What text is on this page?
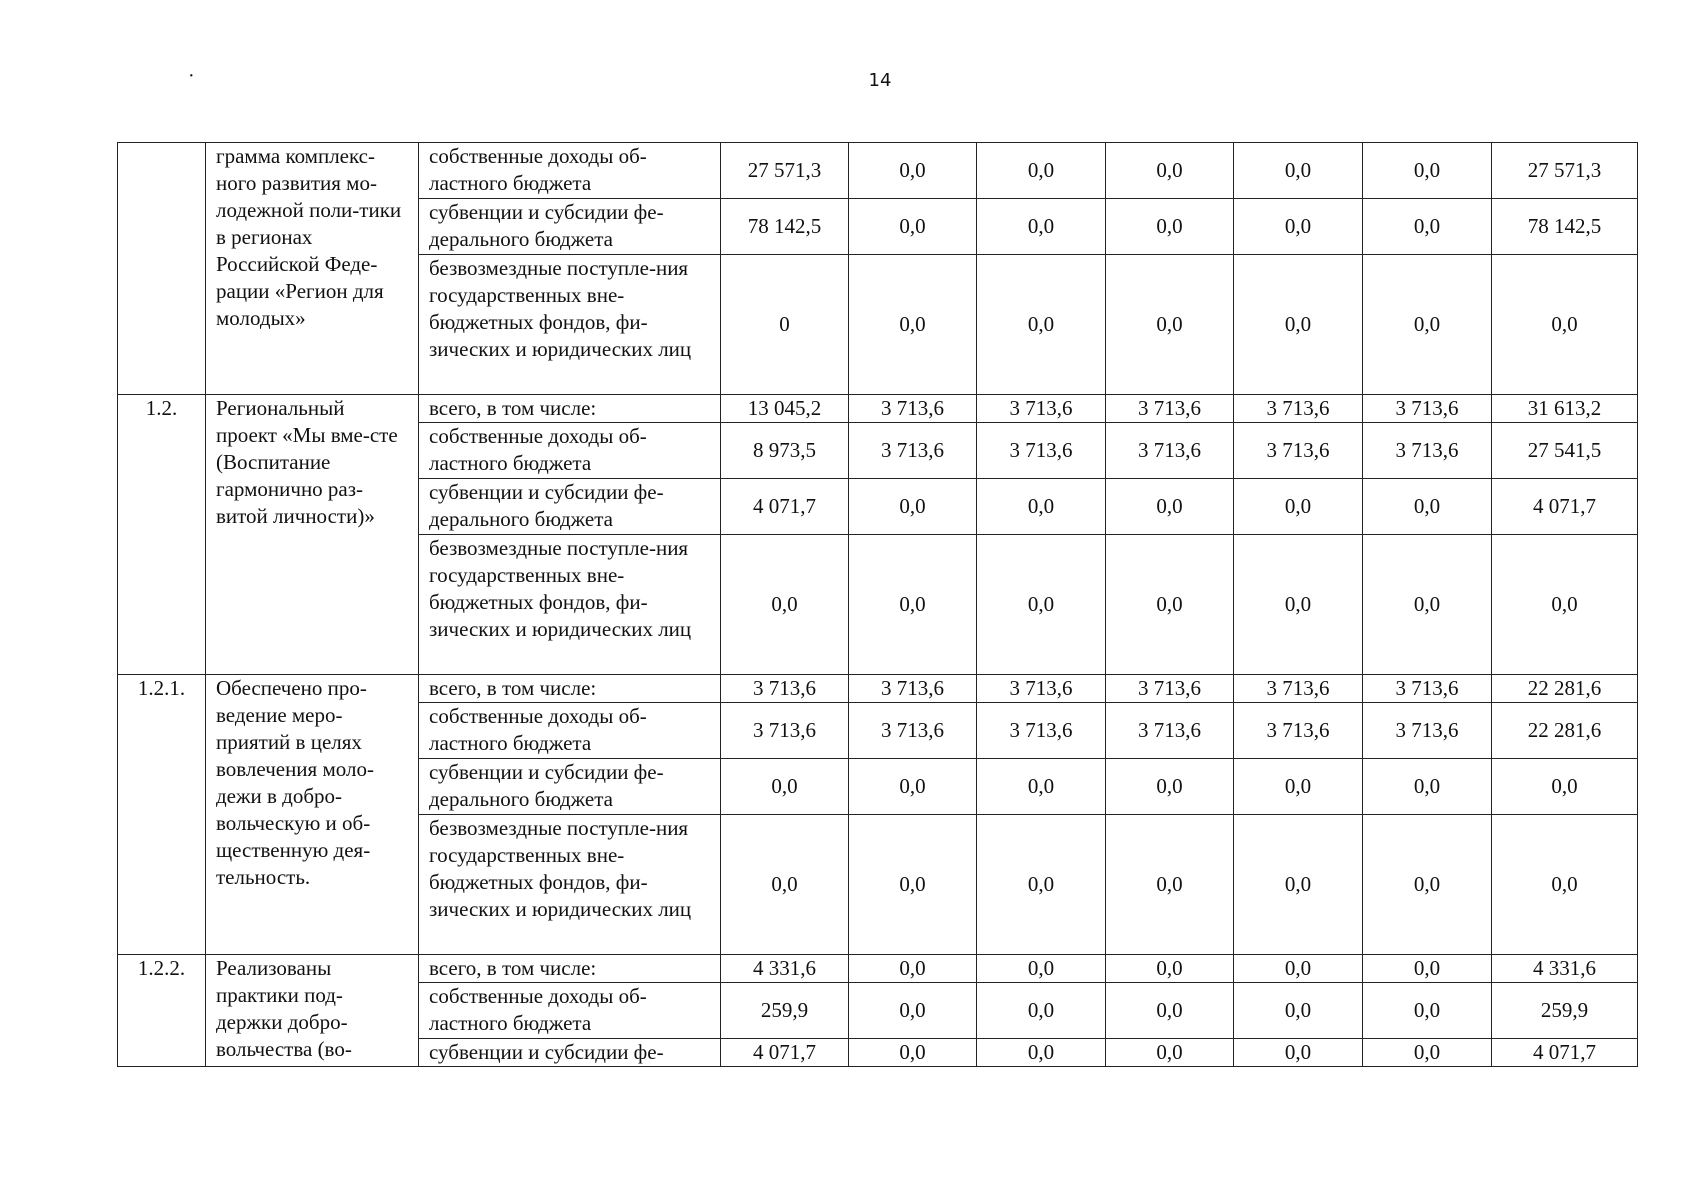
·	14
	грамма комплекс-ного развития мо-лодежной поли-тики в регионах Российской Феде-рации «Регион для молодых»	собственные доходы об-ластного бюджета	27 571,3	0,0	0,0	0,0	0,0	0,0	27 571,3	
		субвенции и субсидии фе-дерального бюджета	78 142,5	0,0	0,0	0,0	0,0	0,0	78 142,5	
		безвозмездные поступле-ния государственных вне-бюджетных фондов, фи-зических и юридических лиц	0	0,0	0,0	0,0	0,0	0,0	0,0	
1.2.	Региональный проект «Мы вме-сте (Воспитание гармонично раз-витой личности)»	всего, в том числе:	13 045,2	3 713,6	3 713,6	3 713,6	3 713,6	3 713,6	31 613,2	
		собственные доходы об-ластного бюджета	8 973,5	3 713,6	3 713,6	3 713,6	3 713,6	3 713,6	27 541,5	
		субвенции и субсидии фе-дерального бюджета	4 071,7	0,0	0,0	0,0	0,0	0,0	4 071,7	
		безвозмездные поступле-ния государственных вне-бюджетных фондов, фи-зических и юридических лиц	0,0	0,0	0,0	0,0	0,0	0,0	0,0	
1.2.1.	Обеспечено про-ведение меро-приятий в целях вовлечения моло-дежи в добро-вольческую и об-щественную дея-тельность.	всего, в том числе:	3 713,6	3 713,6	3 713,6	3 713,6	3 713,6	3 713,6	22 281,6	
		собственные доходы об-ластного бюджета	3 713,6	3 713,6	3 713,6	3 713,6	3 713,6	3 713,6	22 281,6	
		субвенции и субсидии фе-дерального бюджета	0,0	0,0	0,0	0,0	0,0	0,0	0,0	
		безвозмездные поступле-ния государственных вне-бюджетных фондов, фи-зических и юридических лиц	0,0	0,0	0,0	0,0	0,0	0,0	0,0	
1.2.2.	Реализованы практики под-держки добро-вольчества (во-	всего, в том числе:	4 331,6	0,0	0,0	0,0	0,0	0,0	4 331,6	
		собственные доходы об-ластного бюджета	259,9	0,0	0,0	0,0	0,0	0,0	259,9	
		субвенции и субсидии фе-	4 071,7	0,0	0,0	0,0	0,0	0,0	4 071,7	
